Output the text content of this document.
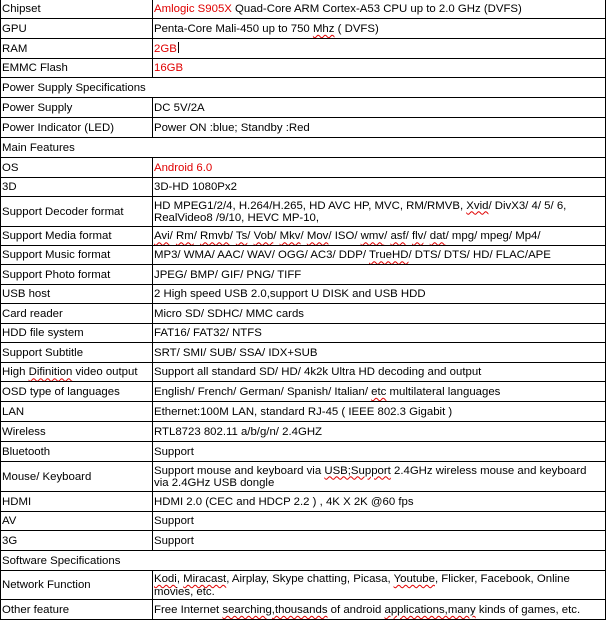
Chipset	Amlogic S905X Quad-Core ARM Cortex-A53 CPU up to 2.0 GHz (DVFS)
GPU	Penta-Core Mali-450 up to 750 Mhz ( DVFS)
RAM	2GB
EMMC Flash	16GB
Power Supply Specifications	
Power Supply	DC 5V/2A
Power Indicator (LED)	Power ON :blue; Standby :Red
Main Features	
OS	Android 6.0
3D	3D-HD 1080Px2
Support Decoder format	HD MPEG1/2/4, H.264/H.265, HD AVC HP, MVC, RM/RMVB, Xvid/ DivX3/ 4/ 5/ 6, RealVideo8 /9/10, HEVC MP-10,
Support Media format	Avi/ Rm/ Rmvb/ Ts/ Vob/ Mkv/ Mov/ ISO/ wmv/ asf/ flv/ dat/ mpg/ mpeg/ Mp4/
Support Music format	MP3/ WMA/ AAC/ WAV/ OGG/ AC3/ DDP/ TrueHD/ DTS/ DTS/ HD/ FLAC/APE
Support Photo format	JPEG/ BMP/ GIF/ PNG/ TIFF
USB host	2 High speed USB 2.0,support U DISK and USB HDD
Card reader	Micro SD/ SDHC/ MMC cards
HDD file system	FAT16/ FAT32/ NTFS
Support Subtitle	SRT/ SMI/ SUB/ SSA/ IDX+SUB
High Difinition video output	Support all standard SD/ HD/ 4k2k Ultra HD decoding and output
OSD type of languages	English/ French/ German/ Spanish/ Italian/ etc multilateral languages
LAN	Ethernet:100M LAN, standard RJ-45 ( IEEE 802.3 Gigabit )
Wireless	RTL8723 802.11 a/b/g/n/ 2.4GHZ
Bluetooth	Support
Mouse/ Keyboard	Support mouse and keyboard via USB;Support 2.4GHz wireless mouse and keyboard via 2.4GHz USB dongle
HDMI	HDMI 2.0 (CEC and HDCP 2.2 ) , 4K X 2K @60 fps
AV	Support
3G	Support
Software Specifications	
Network Function	Kodi, Miracast, Airplay, Skype chatting, Picasa, Youtube, Flicker, Facebook, Online movies, etc.
Other feature	Free Internet searching,thousands of android applications,many kinds of games, etc.
